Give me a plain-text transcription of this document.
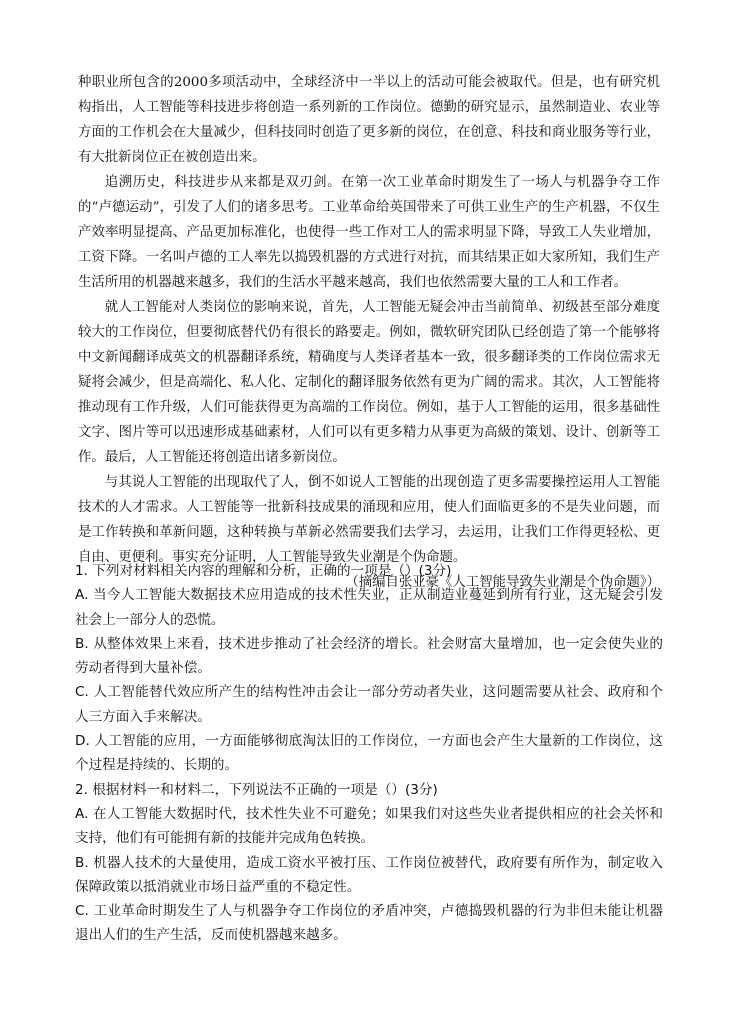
种职业所包含的2000多项活动中，全球经济中一半以上的活动可能会被取代。但是，也有研究机构指出，人工智能等科技进步将创造一系列新的工作岗位。德勤的研究显示，虽然制造业、农业等方面的工作机会在大量减少，但科技同时创造了更多新的岗位，在创意、科技和商业服务等行业，有大批新岗位正在被创造出来。

追溯历史，科技进步从来都是双刃剑。在第一次工业革命时期发生了一场人与机器争夺工作的“卢德运动”，引发了人们的诸多思考。工业革命给英国带来了可供工业生产的生产机器，不仅生产效率明显提高、产品更加标准化，也使得一些工作对工人的需求明显下降，导致工人失业增加，工资下降。一名叫卢德的工人率先以捣毁机器的方式进行对抗，而其结果正如大家所知，我们生产生活所用的机器越来越多，我们的生活水平越来越高，我们也依然需要大量的工人和工作者。

就人工智能对人类岗位的影响来说，首先，人工智能无疑会冲击当前简单、初级甚至部分难度较大的工作岗位，但要彻底替代仍有很长的路要走。例如，微软研究团队已经创造了第一个能够将中文新闻翻译成英文的机器翻译系统，精确度与人类译者基本一致，很多翻译类的工作岗位需求无疑将会减少，但是高端化、私人化、定制化的翻译服务依然有更为广阔的需求。其次，人工智能将推动现有工作升级，人们可能获得更为高端的工作岗位。例如，基于人工智能的运用，很多基础性文字、图片等可以迅速形成基础素材，人们可以有更多精力从事更为高級的策划、设计、创新等工作。最后，人工智能还将创造出诸多新岗位。

与其说人工智能的出现取代了人，倒不如说人工智能的出现创造了更多需要操控运用人工智能技术的人才需求。人工智能等一批新科技成果的涌现和应用，使人们面临更多的不是失业问题，而是工作转换和革新问题，这种转换与革新必然需要我们去学习，去运用，让我们工作得更轻松、更自由、更便利。事实充分证明，人工智能导致失业潮是个伪命题。

（摘编自张亚豪《人工智能导致失业潮是个伪命题》）

1. 下列对材料相关内容的理解和分析，正确的一项是（）(3分)

A. 当今人工智能大数据技术应用造成的技术性失业，正从制造业蔓延到所有行业，这无疑会引发社会上一部分人的恐慌。

B. 从整体效果上来看，技术进步推动了社会经济的增长。社会财富大量增加，也一定会使失业的劳动者得到大量补偿。

C. 人工智能替代效应所产生的结构性冲击会让一部分劳动者失业，这问题需要从社会、政府和个人三方面入手来解决。

D. 人工智能的应用，一方面能够彻底淘汰旧的工作岗位，一方面也会产生大量新的工作岗位，这个过程是持续的、长期的。

2. 根据材料一和材料二，下列说法不正确的一项是（）(3分)

A. 在人工智能大数据时代，技术性失业不可避免；如果我们对这些失业者提供相应的社会关怀和支持，他们有可能拥有新的技能并完成角色转换。

B. 机器人技术的大量使用，造成工资水平被打压、工作岗位被替代，政府要有所作为，制定收入保障政策以抵消就业市场日益严重的不稳定性。

C. 工业革命时期发生了人与机器争夺工作岗位的矛盾冲突，卢德捣毁机器的行为非但未能让机器退出人们的生产生活，反而使机器越来越多。
